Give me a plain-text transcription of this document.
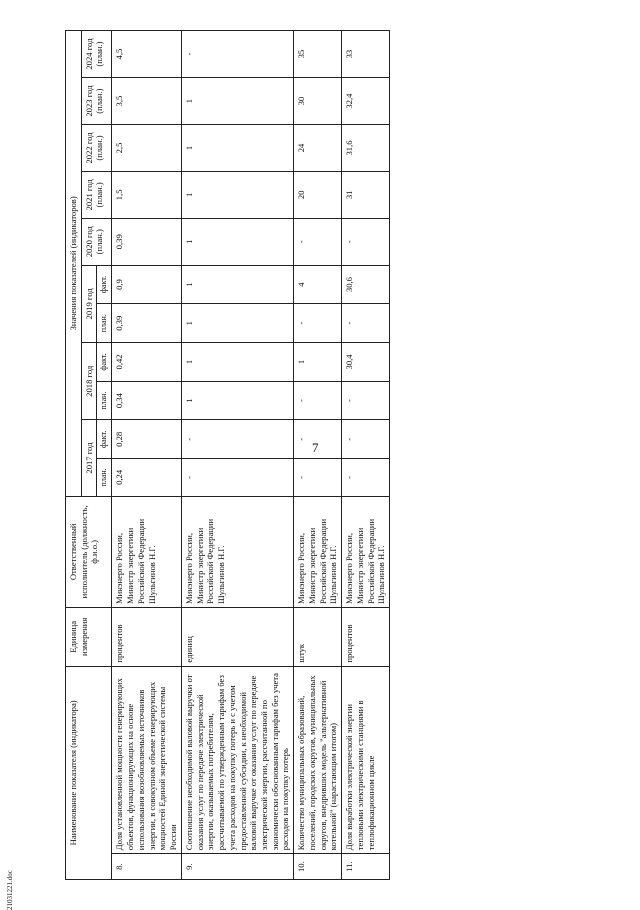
7
21031221.doc
Наименование показателя (индикатора)		Единица измерения	Ответственный исполнитель (должность, ф.и.о.)	Значения показателей (индикаторов)										
				2017 год		2018 год		2019 год		2020 год (план.)	2021 год (план.)	2022 год (план.)	2023 год (план.)	2024 год (план.)
				план.	факт.	план.	факт.	план.	факт.					
8.	Доля установленной мощности генерирующих объектов, функционирующих на основе использования возобновляемых источников энергии, в совокупном объеме генерирующих мощностей Единой энергетической системы России	процентов	Минэнерго России, Министр энергетики Российской Федерации Шульгинов Н.Г.	0,24	0,28	0,34	0,42	0,39	0,9	0,39	1,5	2,5	3,5	4,5
9.	Соотношение необходимой валовой выручки от оказания услуг по передаче электрической энергии, оказываемых потребителям, рассчитываемой по утвержденным тарифам без учета расходов на покупку потерь и с учетом предоставленной субсидии, к необходимой валовой выручке от оказания услуг по передаче электрической энергии, рассчитанной по экономически обоснованным тарифам без учета расходов на покупку потерь	единиц	Минэнерго России, Министр энергетики Российской Федерации Шульгинов Н.Г.	-	-	1	1	1	1	1	1	1	1	-
10.	Количество муниципальных образований, поселений, городских округов, муниципальных округов, внедривших модель "альтернативной котельной" (нарастающим итогом)	штук	Минэнерго России, Министр энергетики Российской Федерации Шульгинов Н.Г.	-	-	-	1	-	4	-	20	24	30	35
11.	Доля выработки электрической энергии тепловыми электрическими станциями в теплофикационном цикле	процентов	Минэнерго России, Министр энергетики Российской Федерации Шульгинов Н.Г.	-	-	-	30,4	-	30,6	-	31	31,6	32,4	33
